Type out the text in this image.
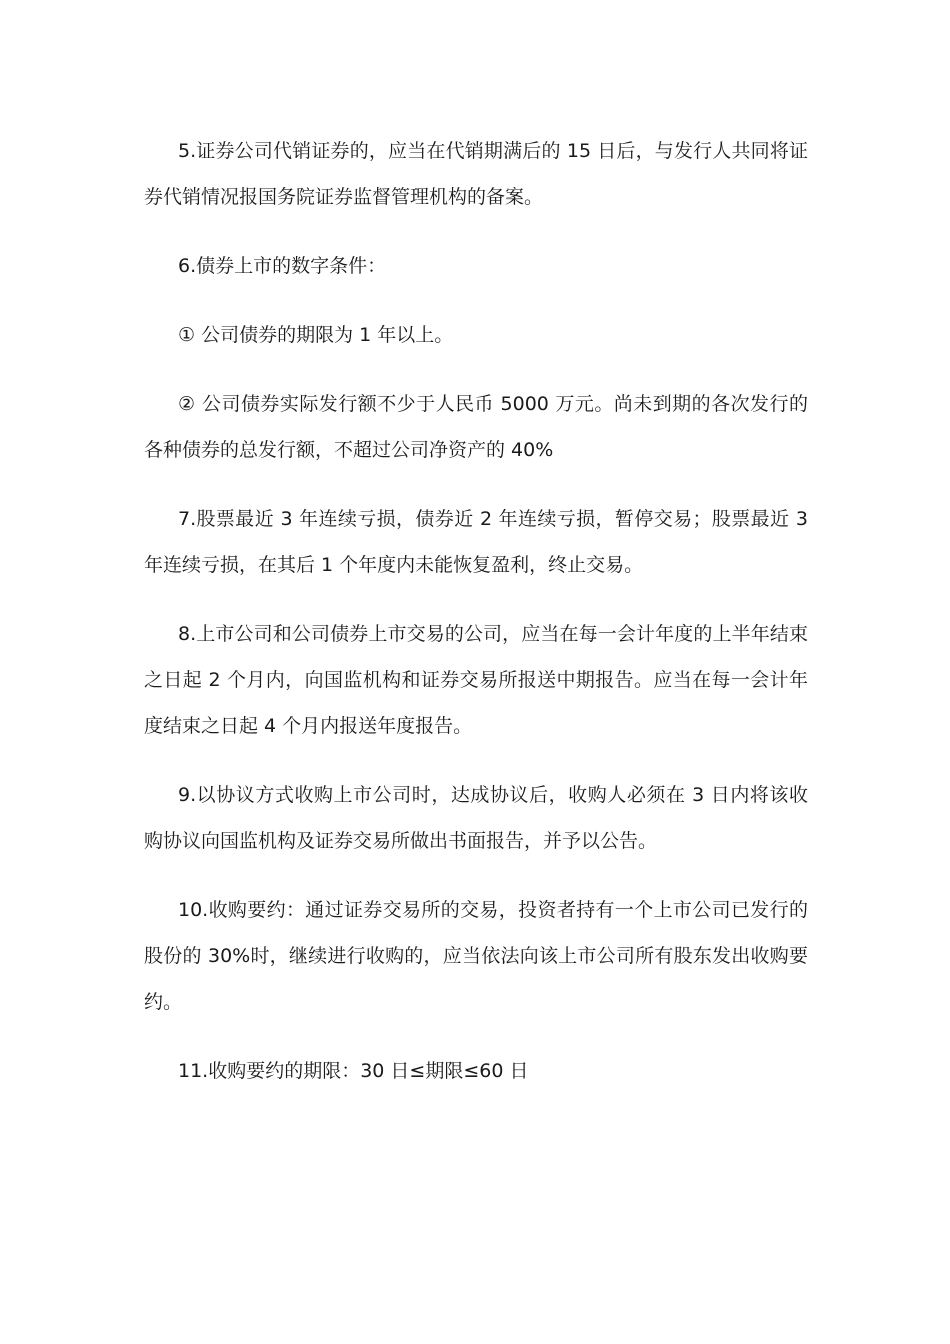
5.证券公司代销证券的，应当在代销期满后的 15 日后，与发行人共同将证券代销情况报国务院证券监督管理机构的备案。

6.债券上市的数字条件：

① 公司债券的期限为 1 年以上。

② 公司债券实际发行额不少于人民币 5000 万元。尚未到期的各次发行的各种债券的总发行额，不超过公司净资产的 40%

7.股票最近 3 年连续亏损，债券近 2 年连续亏损，暂停交易；股票最近 3 年连续亏损，在其后 1 个年度内未能恢复盈利，终止交易。

8.上市公司和公司债券上市交易的公司，应当在每一会计年度的上半年结束之日起 2 个月内，向国监机构和证券交易所报送中期报告。应当在每一会计年度结束之日起 4 个月内报送年度报告。

9.以协议方式收购上市公司时，达成协议后，收购人必须在 3 日内将该收购协议向国监机构及证券交易所做出书面报告，并予以公告。

10.收购要约：通过证券交易所的交易，投资者持有一个上市公司已发行的股份的 30%时，继续进行收购的，应当依法向该上市公司所有股东发出收购要约。

11.收购要约的期限：30 日≤期限≤60 日
